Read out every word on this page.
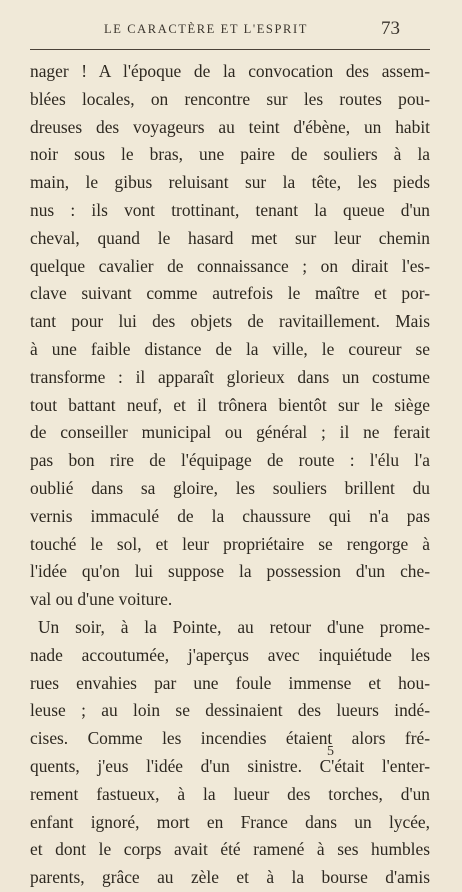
LE CARACTÈRE ET L'ESPRIT	73
nager ! A l'époque de la convocation des assem-
blées locales, on rencontre sur les routes pou-
dreuses des voyageurs au teint d'ébène, un habit
noir sous le bras, une paire de souliers à la
main, le gibus reluisant sur la tête, les pieds
nus : ils vont trottinant, tenant la queue d'un
cheval, quand le hasard met sur leur chemin
quelque cavalier de connaissance ; on dirait l'es-
clave suivant comme autrefois le maître et por-
tant pour lui des objets de ravitaillement. Mais
à une faible distance de la ville, le coureur se
transforme : il apparaît glorieux dans un costume
tout battant neuf, et il trônera bientôt sur le siège
de conseiller municipal ou général ; il ne ferait
pas bon rire de l'équipage de route : l'élu l'a
oublié dans sa gloire, les souliers brillent du
vernis immaculé de la chaussure qui n'a pas
touché le sol, et leur propriétaire se rengorge à
l'idée qu'on lui suppose la possession d'un che-
val ou d'une voiture.
Un soir, à la Pointe, au retour d'une prome-
nade accoutumée, j'aperçus avec inquiétude les
rues envahies par une foule immense et hou-
leuse ; au loin se dessinaient des lueurs indé-
cises. Comme les incendies étaient alors fré-
quents, j'eus l'idée d'un sinistre. C'était l'enter-
rement fastueux, à la lueur des torches, d'un
enfant ignoré, mort en France dans un lycée,
et dont le corps avait été ramené à ses humbles
parents, grâce au zèle et à la bourse d'amis
5
